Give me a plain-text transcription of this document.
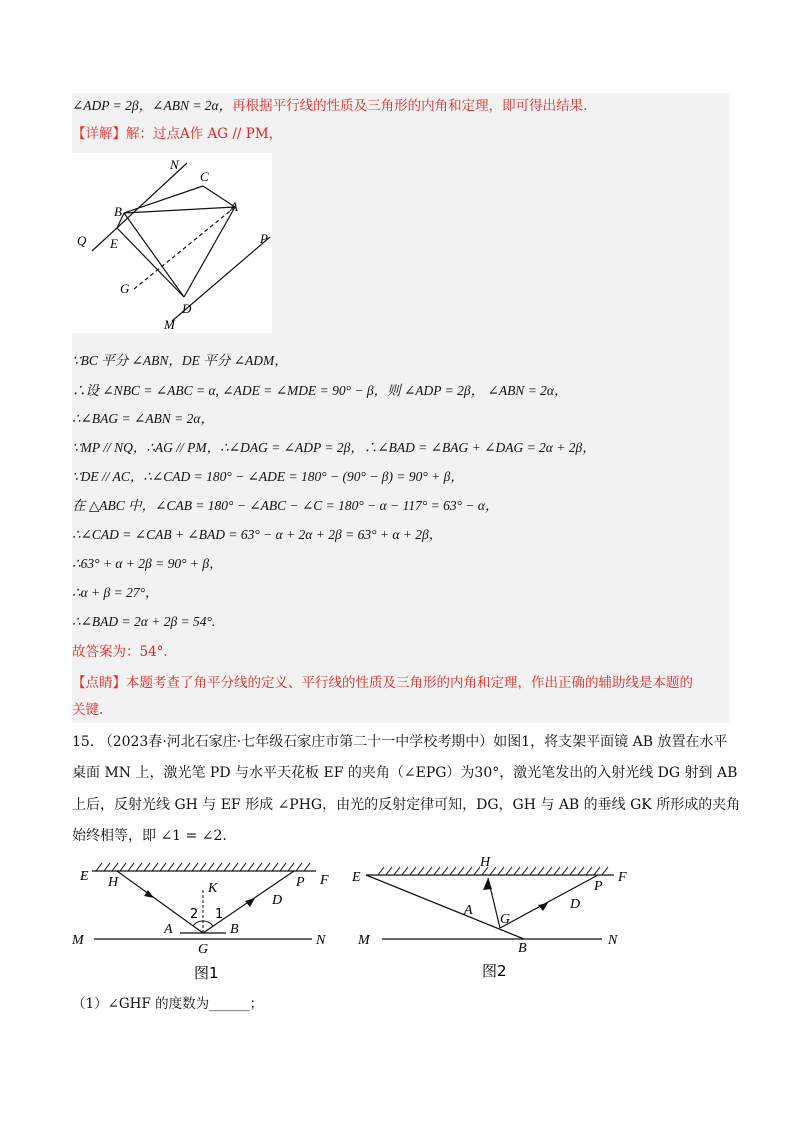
∠ADP = 2β，∠ABN = 2α，再根据平行线的性质及三角形的内角和定理，即可得出结果.
【详解】解：过点A作 AG // PM，
N
C
B	A
Q E	P
G
D
M
∵BC 平分 ∠ABN，DE 平分 ∠ADM，
∴设 ∠NBC = ∠ABC = α, ∠ADE = ∠MDE = 90° − β，则 ∠ADP = 2β， ∠ABN = 2α，
∴∠BAG = ∠ABN = 2α，
∵MP // NQ，∴AG // PM，∴∠DAG = ∠ADP = 2β，∴∠BAD = ∠BAG + ∠DAG = 2α + 2β，
∵DE // AC，∴∠CAD = 180° − ∠ADE = 180° − (90° − β) = 90° + β，
在 △ABC 中，∠CAB = 180° − ∠ABC − ∠C = 180° − α − 117° = 63° − α，
∴∠CAD = ∠CAB + ∠BAD = 63° − α + 2α + 2β = 63° + α + 2β，
∴63° + α + 2β = 90° + β，
∴α + β = 27°，
∴∠BAD = 2α + 2β = 54°.
故答案为：54°.
【点睛】本题考查了角平分线的定义、平行线的性质及三角形的内角和定理，作出正确的辅助线是本题的
关键.
15. （2023春·河北石家庄·七年级石家庄市第二十一中学校考期中）如图1，将支架平面镜 AB 放置在水平
桌面 MN 上，激光笔 PD 与水平天花板 EF 的夹角（∠EPG）为30°，激光笔发出的入射光线 DG 射到 AB
上后，反射光线 GH 与 EF 形成 ∠PHG，由光的反射定律可知，DG，GH 与 AB 的垂线 GK 所形成的夹角
始终相等，即 ∠1 = ∠2.
E H	K	P F
D
2 1
M
A	B
N
G
图1
E
H
P
F
D
A
G
M
B
N
图2
（1）∠GHF 的度数为______；
